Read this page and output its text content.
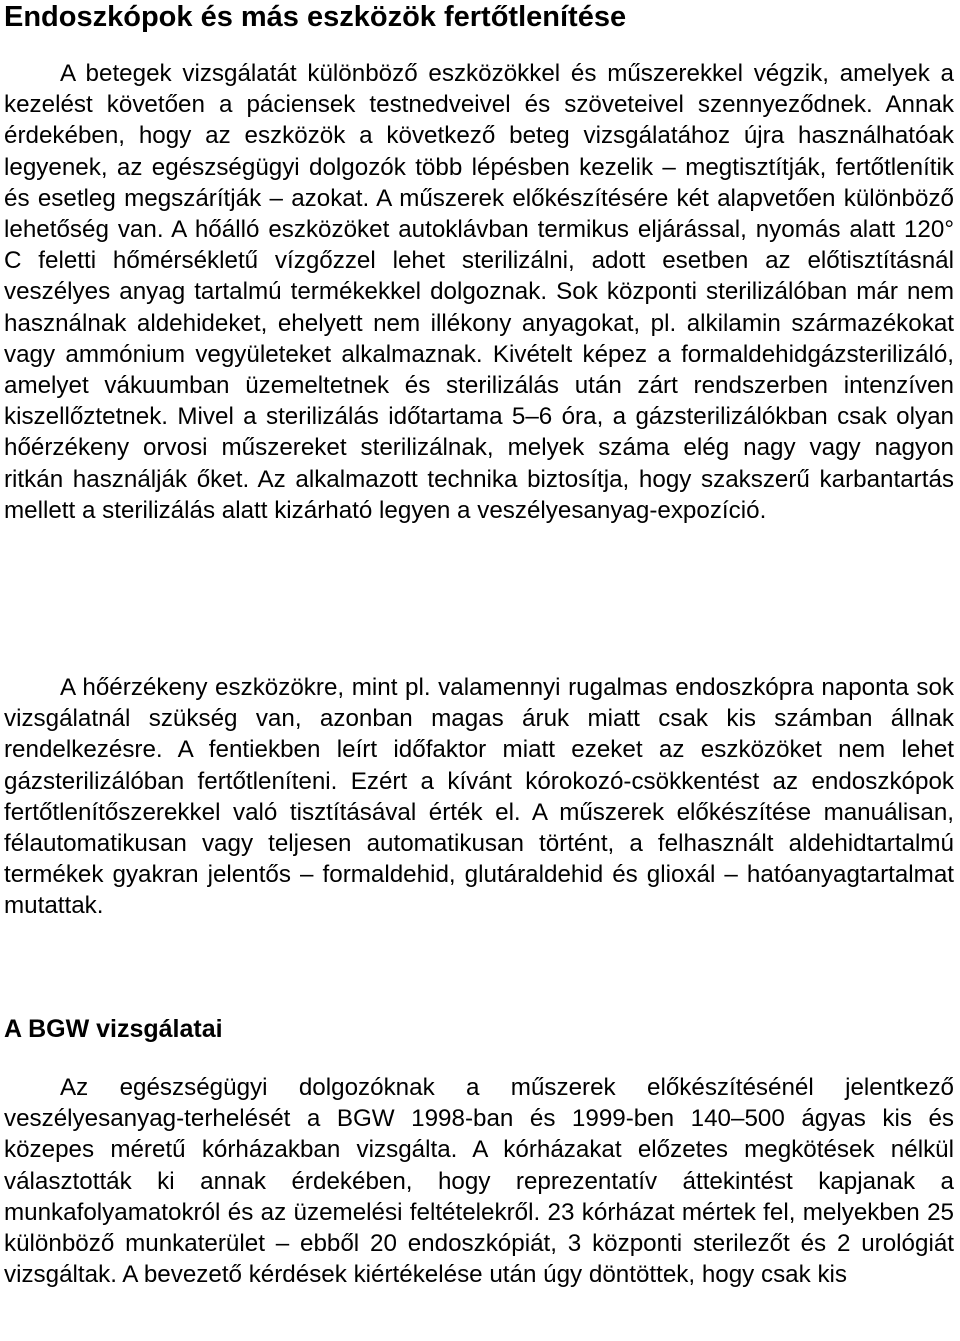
Endoszkópok és más eszközök fertőtlenítése

A betegek vizsgálatát különböző eszközökkel és műszerekkel végzik, amelyek a kezelést követően a páciensek testnedveivel és szöveteivel szennyeződnek. Annak érdekében, hogy az eszközök a következő beteg vizsgálatához újra használhatóak legyenek, az egészségügyi dolgozók több lépésben kezelik – megtisztítják, fertőtlenítik és esetleg megszárítják – azokat. A műszerek előkészítésére két alapvetően különböző lehetőség van. A hőálló eszközöket autoklávban termikus eljárással, nyomás alatt 120° C feletti hőmérsékletű vízgőzzel lehet sterilizálni, adott esetben az előtisztításnál veszélyes anyag tartalmú termékekkel dolgoznak. Sok központi sterilizálóban már nem használnak aldehideket, ehelyett nem illékony anyagokat, pl. alkilamin származékokat vagy ammónium vegyületeket alkalmaznak. Kivételt képez a formaldehidgázsterilizáló, amelyet vákuumban üzemeltetnek és sterilizálás után zárt rendszerben intenzíven kiszellőztetnek. Mivel a sterilizálás időtartama 5–6 óra, a gázsterilizálókban csak olyan hőérzékeny orvosi műszereket sterilizálnak, melyek száma elég nagy vagy nagyon ritkán használják őket. Az alkalmazott technika biztosítja, hogy szakszerű karbantartás mellett a sterilizálás alatt kizárható legyen a veszélyesanyag-expozíció.

A hőérzékeny eszközökre, mint pl. valamennyi rugalmas endoszkópra naponta sok vizsgálatnál szükség van, azonban magas áruk miatt csak kis számban állnak rendelkezésre. A fentiekben leírt időfaktor miatt ezeket az eszközöket nem lehet gázsterilizálóban fertőtleníteni. Ezért a kívánt kórokozó-csökkentést az endoszkópok fertőtlenítőszerekkel való tisztításával érték el. A műszerek előkészítése manuálisan, félautomatikusan vagy teljesen automatikusan történt, a felhasznált aldehidtartalmú termékek gyakran jelentős – formaldehid, glutáraldehid és glioxál – hatóanyagtartalmat mutattak.

A BGW vizsgálatai

Az egészségügyi dolgozóknak a műszerek előkészítésénél jelentkező veszélyesanyag-terhelését a BGW 1998-ban és 1999-ben 140–500 ágyas kis és közepes méretű kórházakban vizsgálta. A kórházakat előzetes megkötések nélkül választották ki annak érdekében, hogy reprezentatív áttekintést kapjanak a munkafolyamatokról és az üzemelési feltételekről. 23 kórházat mértek fel, melyekben 25 különböző munkaterület – ebből 20 endoszkópiát, 3 központi sterilezőt és 2 urológiát vizsgáltak. A bevezető kérdések kiértékelése után úgy döntöttek, hogy csak kis
